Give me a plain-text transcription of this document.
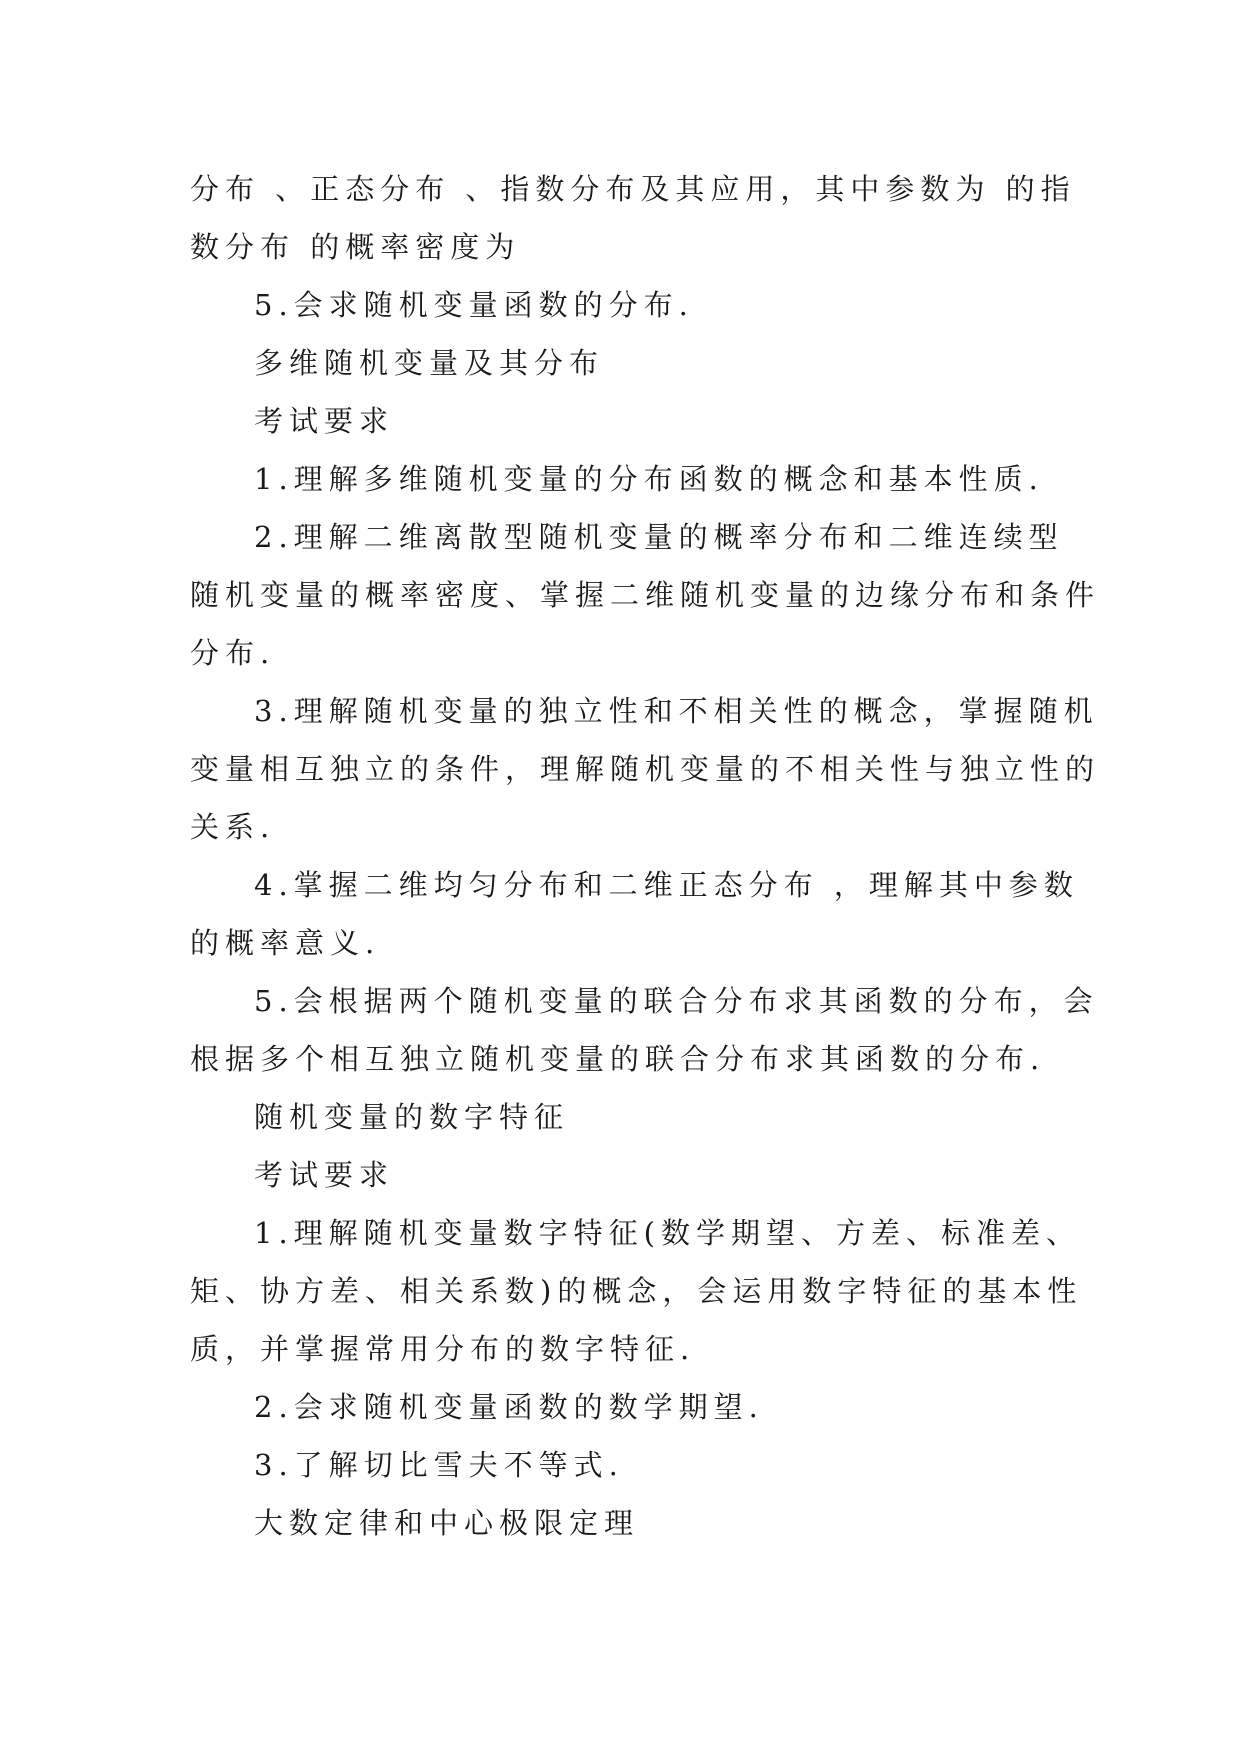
分布 、正态分布 、指数分布及其应用，其中参数为 的指

数分布 的概率密度为

5.会求随机变量函数的分布.

多维随机变量及其分布

考试要求

1.理解多维随机变量的分布函数的概念和基本性质.

2.理解二维离散型随机变量的概率分布和二维连续型

随机变量的概率密度、掌握二维随机变量的边缘分布和条件

分布.

3.理解随机变量的独立性和不相关性的概念，掌握随机

变量相互独立的条件，理解随机变量的不相关性与独立性的

关系.

4.掌握二维均匀分布和二维正态分布 ，理解其中参数

的概率意义.

5.会根据两个随机变量的联合分布求其函数的分布，会

根据多个相互独立随机变量的联合分布求其函数的分布.

随机变量的数字特征

考试要求

1.理解随机变量数字特征(数学期望、方差、标准差、

矩、协方差、相关系数)的概念，会运用数字特征的基本性

质，并掌握常用分布的数字特征.

2.会求随机变量函数的数学期望.

3.了解切比雪夫不等式.

大数定律和中心极限定理
